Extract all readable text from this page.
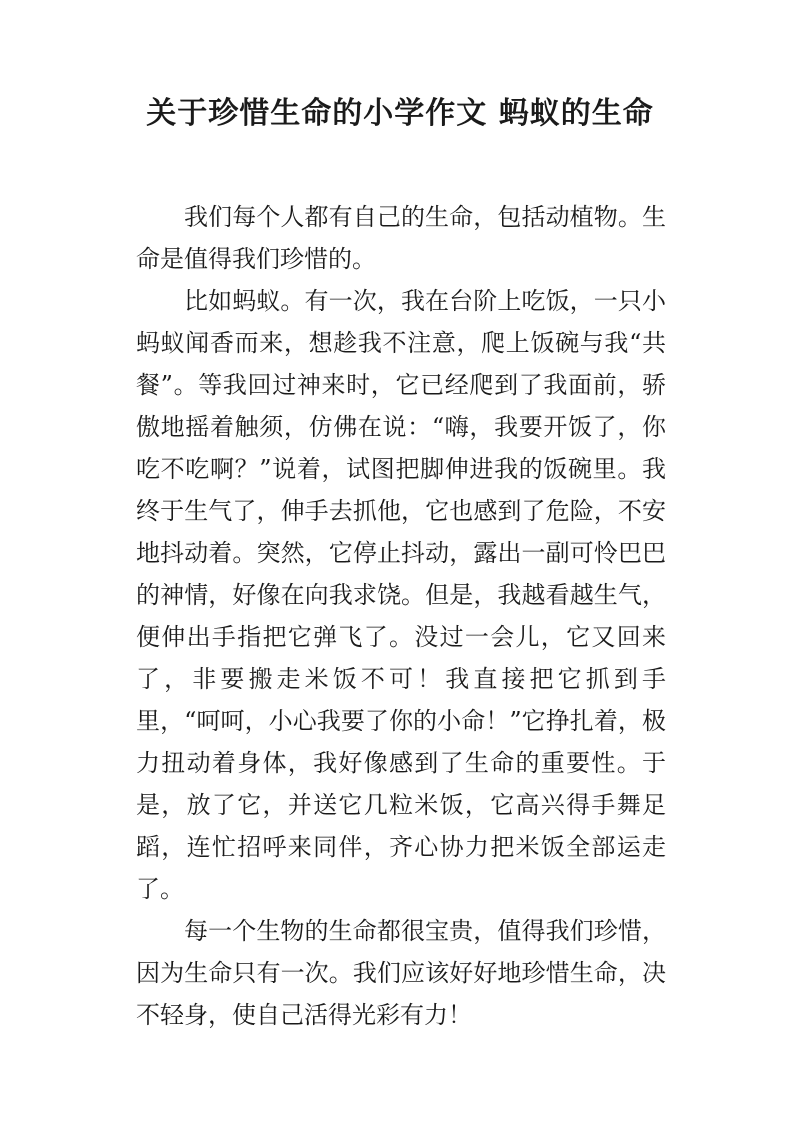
关于珍惜生命的小学作文 蚂蚁的生命

我们每个人都有自己的生命，包括动植物。生命是值得我们珍惜的。

比如蚂蚁。有一次，我在台阶上吃饭，一只小蚂蚁闻香而来，想趁我不注意，爬上饭碗与我“共餐”。等我回过神来时，它已经爬到了我面前，骄傲地摇着触须，仿佛在说：“嗨，我要开饭了，你吃不吃啊？”说着，试图把脚伸进我的饭碗里。我终于生气了，伸手去抓他，它也感到了危险，不安地抖动着。突然，它停止抖动，露出一副可怜巴巴的神情，好像在向我求饶。但是，我越看越生气，便伸出手指把它弹飞了。没过一会儿，它又回来了，非要搬走米饭不可！我直接把它抓到手里，“呵呵，小心我要了你的小命！”它挣扎着，极力扭动着身体，我好像感到了生命的重要性。于是，放了它，并送它几粒米饭，它高兴得手舞足蹈，连忙招呼来同伴，齐心协力把米饭全部运走了。

每一个生物的生命都很宝贵，值得我们珍惜，因为生命只有一次。我们应该好好地珍惜生命，决不轻身，使自己活得光彩有力！
